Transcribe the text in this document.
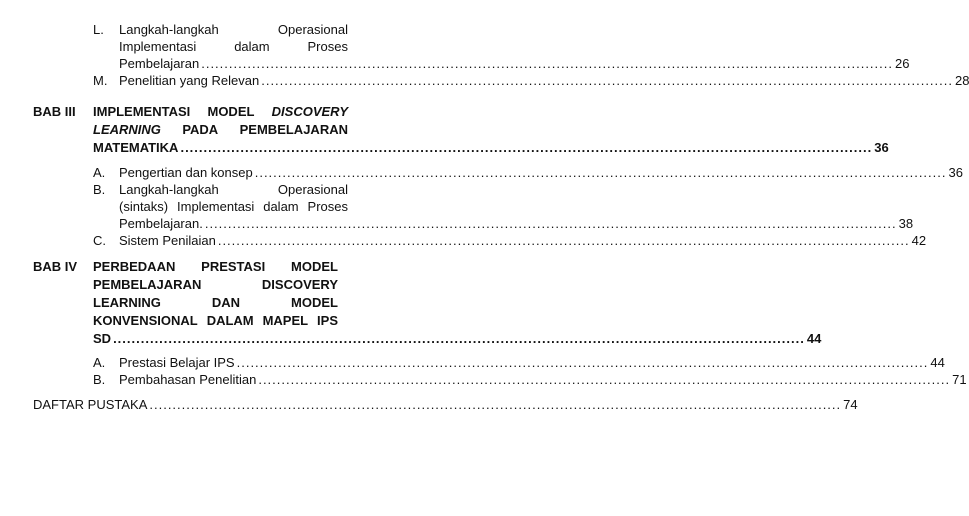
L. Langkah-langkah	Operasional
Implementasi	dalam	Proses
Pembelajaran ...................................................................................................................................................... 26
M. Penelitian yang Relevan ...................................................................................................................................................... 28
BAB III IMPLEMENTASI MODEL DISCOVERY
LEARNING PADA PEMBELAJARAN
MATEMATIKA ...................................................................................................................................................... 36
A. Pengertian dan konsep ...................................................................................................................................................... 36
B. Langkah-langkah	Operasional
(sintaks) Implementasi dalam Proses
Pembelajaran. ...................................................................................................................................................... 38
C. Sistem Penilaian ...................................................................................................................................................... 42
BAB IV PERBEDAAN PRESTASI MODEL
PEMBELAJARAN	DISCOVERY
LEARNING	DAN	MODEL
KONVENSIONAL DALAM MAPEL IPS
SD ...................................................................................................................................................... 44
A. Prestasi Belajar IPS ...................................................................................................................................................... 44
B. Pembahasan Penelitian ...................................................................................................................................................... 71
DAFTAR PUSTAKA ...................................................................................................................................................... 74
